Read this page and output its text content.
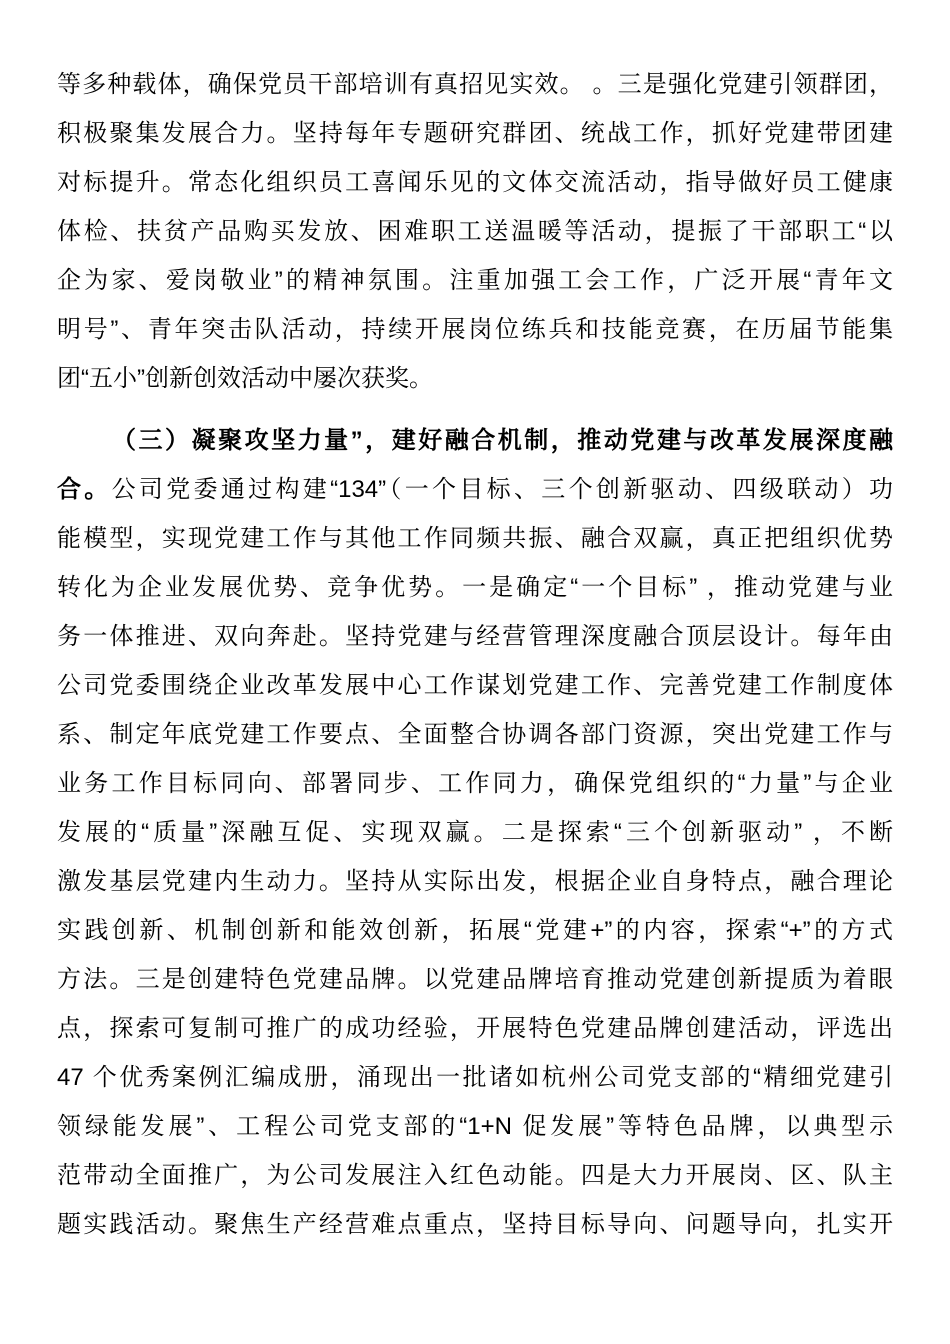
等多种载体，确保党员干部培训有真招见实效。 。三是强化党建引领群团，

积极聚集发展合力。坚持每年专题研究群团、统战工作，抓好党建带团建

对标提升。常态化组织员工喜闻乐见的文体交流活动，指导做好员工健康

体检、扶贫产品购买发放、困难职工送温暖等活动，提振了干部职工“以

企为家、爱岗敬业”的精神氛围。注重加强工会工作，广泛开展“青年文

明号”、青年突击队活动，持续开展岗位练兵和技能竞赛，在历届节能集

团“五小”创新创效活动中屡次获奖。

（三）凝聚攻坚力量”，建好融合机制，推动党建与改革发展深度融

合。公司党委通过构建“134”（一个目标、三个创新驱动、四级联动）功

能模型，实现党建工作与其他工作同频共振、融合双赢，真正把组织优势

转化为企业发展优势、竞争优势。一是确定“一个目标” ，推动党建与业

务一体推进、双向奔赴。坚持党建与经营管理深度融合顶层设计。每年由

公司党委围绕企业改革发展中心工作谋划党建工作、完善党建工作制度体

系、制定年底党建工作要点、全面整合协调各部门资源，突出党建工作与

业务工作目标同向、部署同步、工作同力，确保党组织的“力量”与企业

发展的“质量”深融互促、实现双赢。二是探索“三个创新驱动” ，不断

激发基层党建内生动力。坚持从实际出发，根据企业自身特点，融合理论

实践创新、机制创新和能效创新，拓展“党建+”的内容，探索“+”的方式

方法。三是创建特色党建品牌。以党建品牌培育推动党建创新提质为着眼

点，探索可复制可推广的成功经验，开展特色党建品牌创建活动，评选出

47 个优秀案例汇编成册，涌现出一批诸如杭州公司党支部的“精细党建引

领绿能发展”、工程公司党支部的“1+N 促发展”等特色品牌，以典型示

范带动全面推广，为公司发展注入红色动能。四是大力开展岗、区、队主

题实践活动。聚焦生产经营难点重点，坚持目标导向、问题导向，扎实开
